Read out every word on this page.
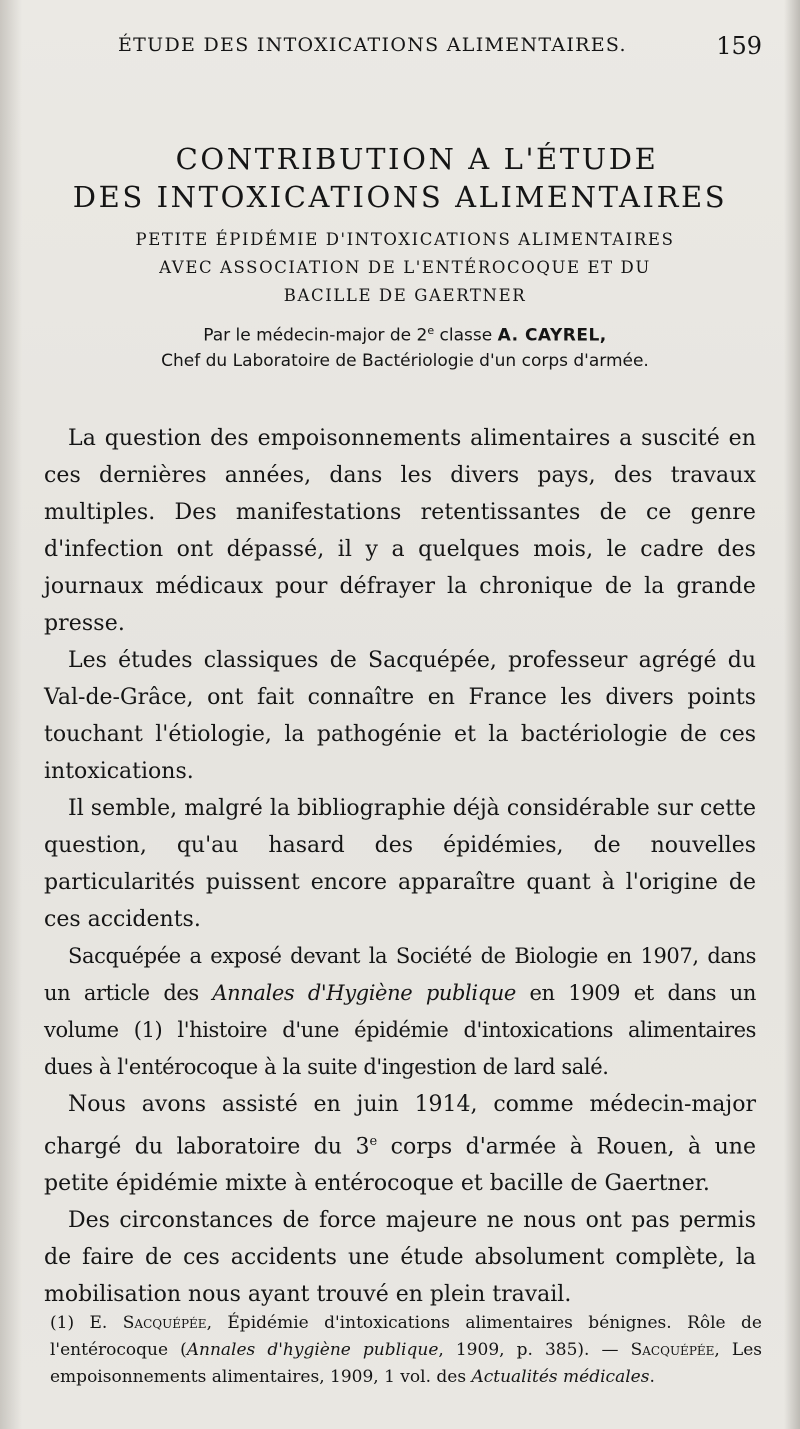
ÉTUDE DES INTOXICATIONS ALIMENTAIRES.	159
CONTRIBUTION A L'ÉTUDE
DES INTOXICATIONS ALIMENTAIRES
PETITE ÉPIDÉMIE D'INTOXICATIONS ALIMENTAIRES
AVEC ASSOCIATION DE L'ENTÉROCOQUE ET DU
BACILLE DE GAERTNER
Par le médecin-major de 2e classe A. CAYREL,
Chef du Laboratoire de Bactériologie d'un corps d'armée.

La question des empoisonnements alimentaires a suscité en ces dernières années, dans les divers pays, des travaux multiples. Des manifestations retentissantes de ce genre d'infection ont dépassé, il y a quelques mois, le cadre des journaux médicaux pour défrayer la chronique de la grande presse.

Les études classiques de Sacquépée, professeur agrégé du Val-de-Grâce, ont fait connaître en France les divers points touchant l'étiologie, la pathogénie et la bactériologie de ces intoxications.

Il semble, malgré la bibliographie déjà considérable sur cette question, qu'au hasard des épidémies, de nouvelles particularités puissent encore apparaître quant à l'origine de ces accidents.

Sacquépée a exposé devant la Société de Biologie en 1907, dans un article des Annales d'Hygiène publique en 1909 et dans un volume (1) l'histoire d'une épidémie d'intoxications alimentaires dues à l'entérocoque à la suite d'ingestion de lard salé.

Nous avons assisté en juin 1914, comme médecin-major chargé du laboratoire du 3e corps d'armée à Rouen, à une petite épidémie mixte à entérocoque et bacille de Gaertner.

Des circonstances de force majeure ne nous ont pas permis de faire de ces accidents une étude absolument complète, la mobilisation nous ayant trouvé en plein travail.

(1) E. Sacquépée, Épidémie d'intoxications alimentaires bénignes. Rôle de l'entérocoque (Annales d'hygiène publique, 1909, p. 385). — Sacquépée, Les empoisonnements alimentaires, 1909, 1 vol. des Actualités médicales.
